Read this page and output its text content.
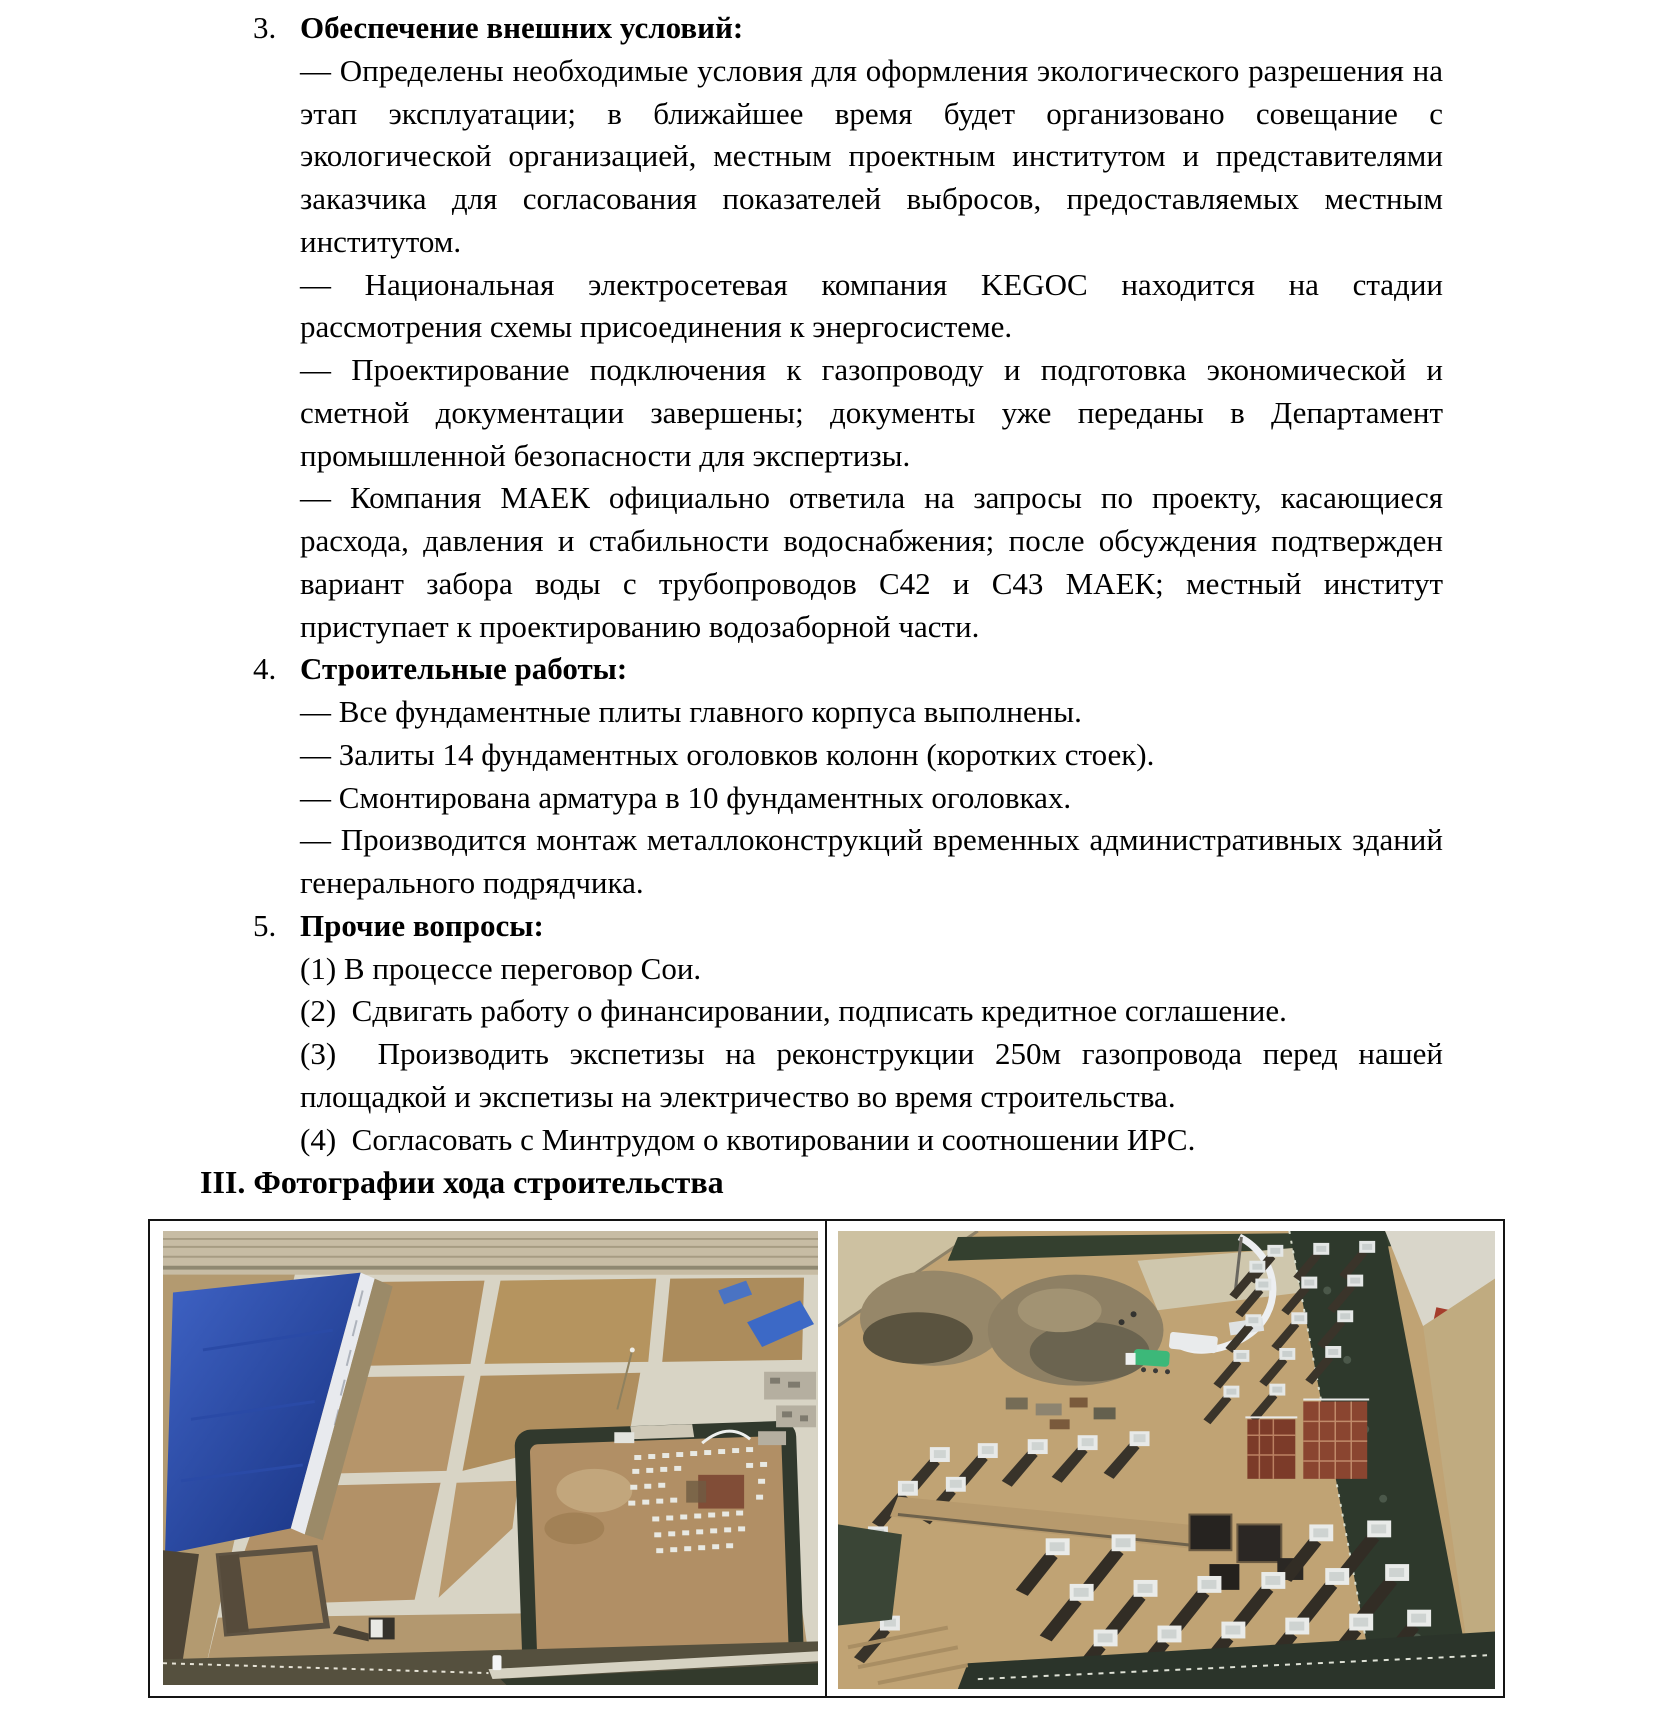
3. Обеспечение внешних условий:

— Определены необходимые условия для оформления экологического разрешения на этап эксплуатации; в ближайшее время будет организовано совещание с экологической организацией, местным проектным институтом и представителями заказчика для согласования показателей выбросов, предоставляемых местным институтом.

— Национальная электросетевая компания KEGOC находится на стадии рассмотрения схемы присоединения к энергосистеме.

— Проектирование подключения к газопроводу и подготовка экономической и сметной документации завершены; документы уже переданы в Департамент промышленной безопасности для экспертизы.

— Компания МАЕК официально ответила на запросы по проекту, касающиеся расхода, давления и стабильности водоснабжения; после обсуждения подтвержден вариант забора воды с трубопроводов С42 и С43 МАЕК; местный институт приступает к проектированию водозаборной части.

4. Строительные работы:

— Все фундаментные плиты главного корпуса выполнены.

— Залиты 14 фундаментных оголовков колонн (коротких стоек).

— Смонтирована арматура в 10 фундаментных оголовках.

— Производится монтаж металлоконструкций временных административных зданий генерального подрядчика.

5. Прочие вопросы:

(1) В процессе переговор Сои.

(2)  Сдвигать работу о финансировании, подписать кредитное соглашение.

(3)  Производить экспетизы на реконструкции 250м газопровода перед нашей площадкой и экспетизы на электричество во время строительства.

(4)  Согласовать с Минтрудом о квотировании и соотношении ИРС.

III. Фотографии хода строительства
